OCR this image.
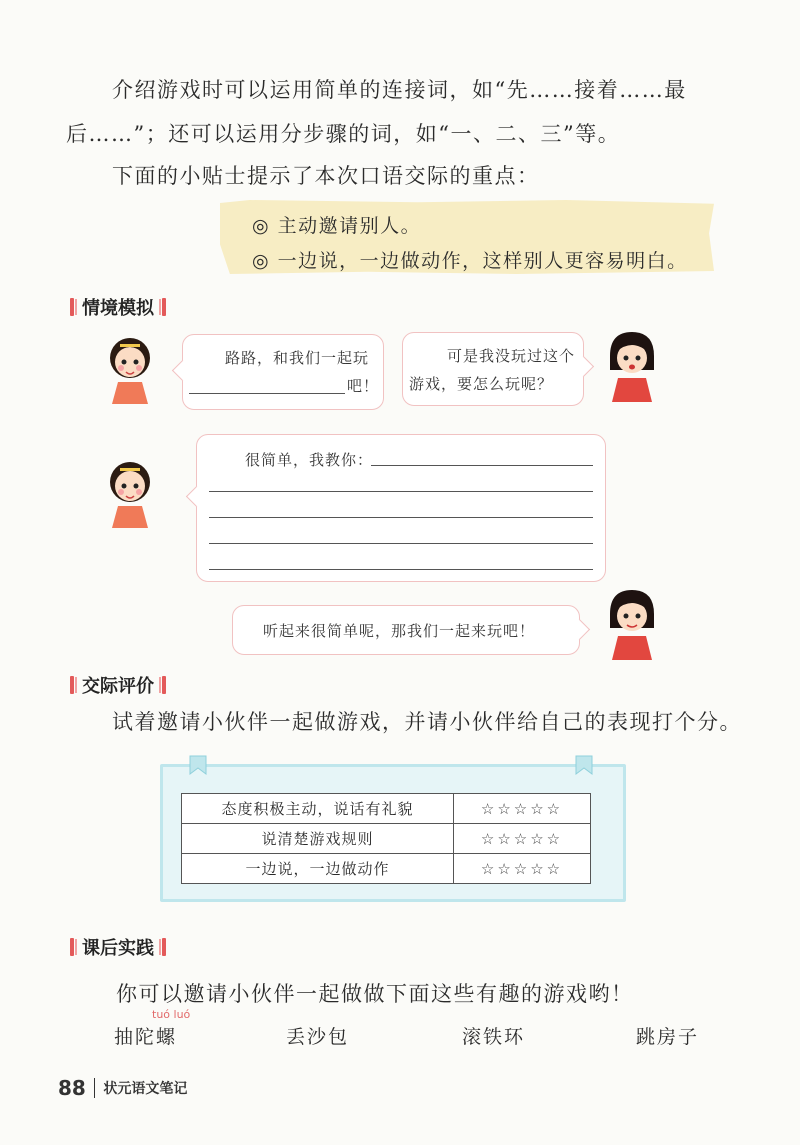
介绍游戏时可以运用简单的连接词，如“先……接着……最
后……”；还可以运用分步骤的词，如“一、二、三”等。
下面的小贴士提示了本次口语交际的重点：
◎ 主动邀请别人。
◎ 一边说，一边做动作，这样别人更容易明白。
情境模拟
路路，和我们一起玩
吧！
可是我没玩过这个
游戏，要怎么玩呢？
很简单，我教你：
听起来很简单呢，那我们一起来玩吧！
交际评价
试着邀请小伙伴一起做游戏，并请小伙伴给自己的表现打个分。
态度积极主动，说话有礼貌	☆☆☆☆☆
说清楚游戏规则	☆☆☆☆☆
一边说，一边做动作	☆☆☆☆☆
课后实践
你可以邀请小伙伴一起做做下面这些有趣的游戏哟！
tuó luó
抽陀螺	丢沙包	滚铁环	跳房子
88 状元语文笔记
